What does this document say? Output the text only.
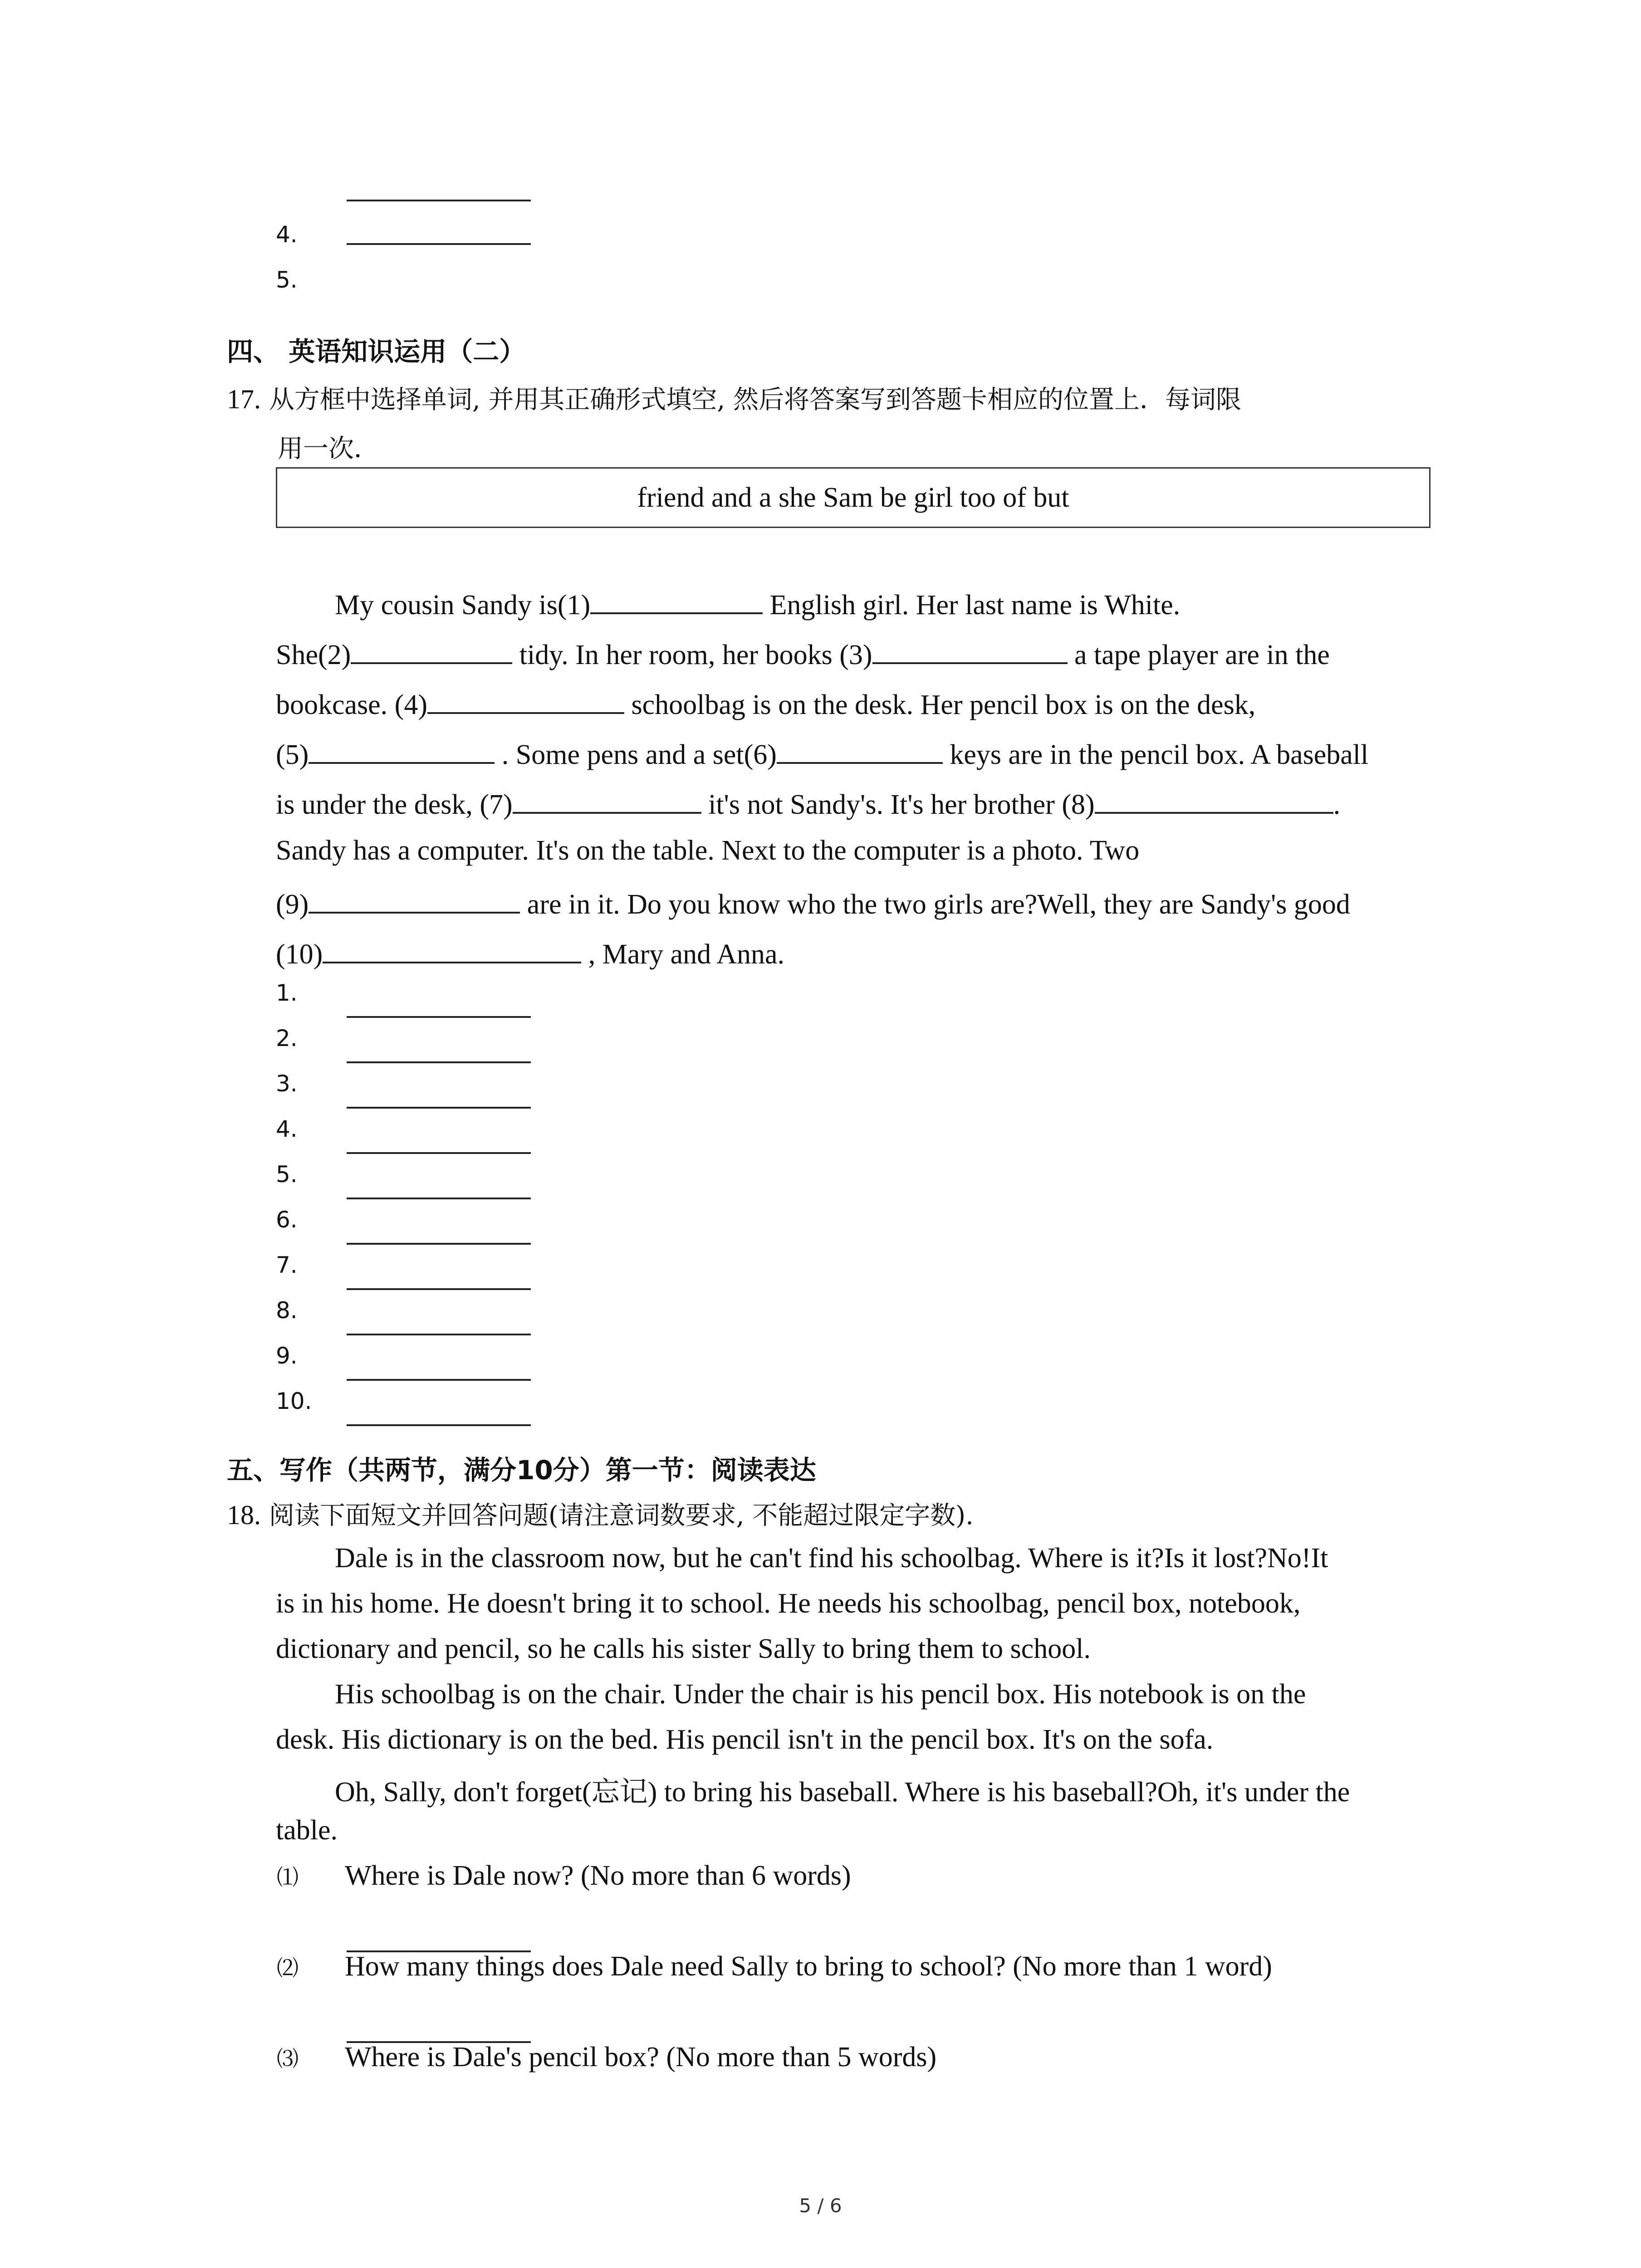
4.
5.
四、 英语知识运用（二）
17. 从方框中选择单词, 并用其正确形式填空, 然后将答案写到答题卡相应的位置上．每词限
用一次．
friend and a she Sam be girl too of but
My cousin Sandy is(1)	English girl. Her last name is White.
She(2)	tidy. In her room, her books (3)	a tape player are in the
bookcase. (4)	schoolbag is on the desk. Her pencil box is on the desk,
(5)	. Some pens and a set(6)	keys are in the pencil box. A baseball
is under the desk, (7)	it's not Sandy's. It's her brother (8)	.
Sandy has a computer. It's on the table. Next to the computer is a photo. Two
(9)	are in it. Do you know who the two girls are?Well, they are Sandy's good
(10)	, Mary and Anna.
1.
2.
3.
4.
5.
6.
7.
8.
9.
10.
五、写作（共两节，满分10分）第一节：阅读表达
18. 阅读下面短文并回答问题(请注意词数要求, 不能超过限定字数).
Dale is in the classroom now, but he can't find his schoolbag. Where is it?Is it lost?No!It
is in his home. He doesn't bring it to school. He needs his schoolbag, pencil box, notebook,
dictionary and pencil, so he calls his sister Sally to bring them to school.
His schoolbag is on the chair. Under the chair is his pencil box. His notebook is on the
desk. His dictionary is on the bed. His pencil isn't in the pencil box. It's on the sofa.
Oh, Sally, don't forget(忘记) to bring his baseball. Where is his baseball?Oh, it's under the
table.
⑴ Where is Dale now? (No more than 6 words)
⑵ How many things does Dale need Sally to bring to school? (No more than 1 word)
⑶ Where is Dale's pencil box? (No more than 5 words)
5 / 6
